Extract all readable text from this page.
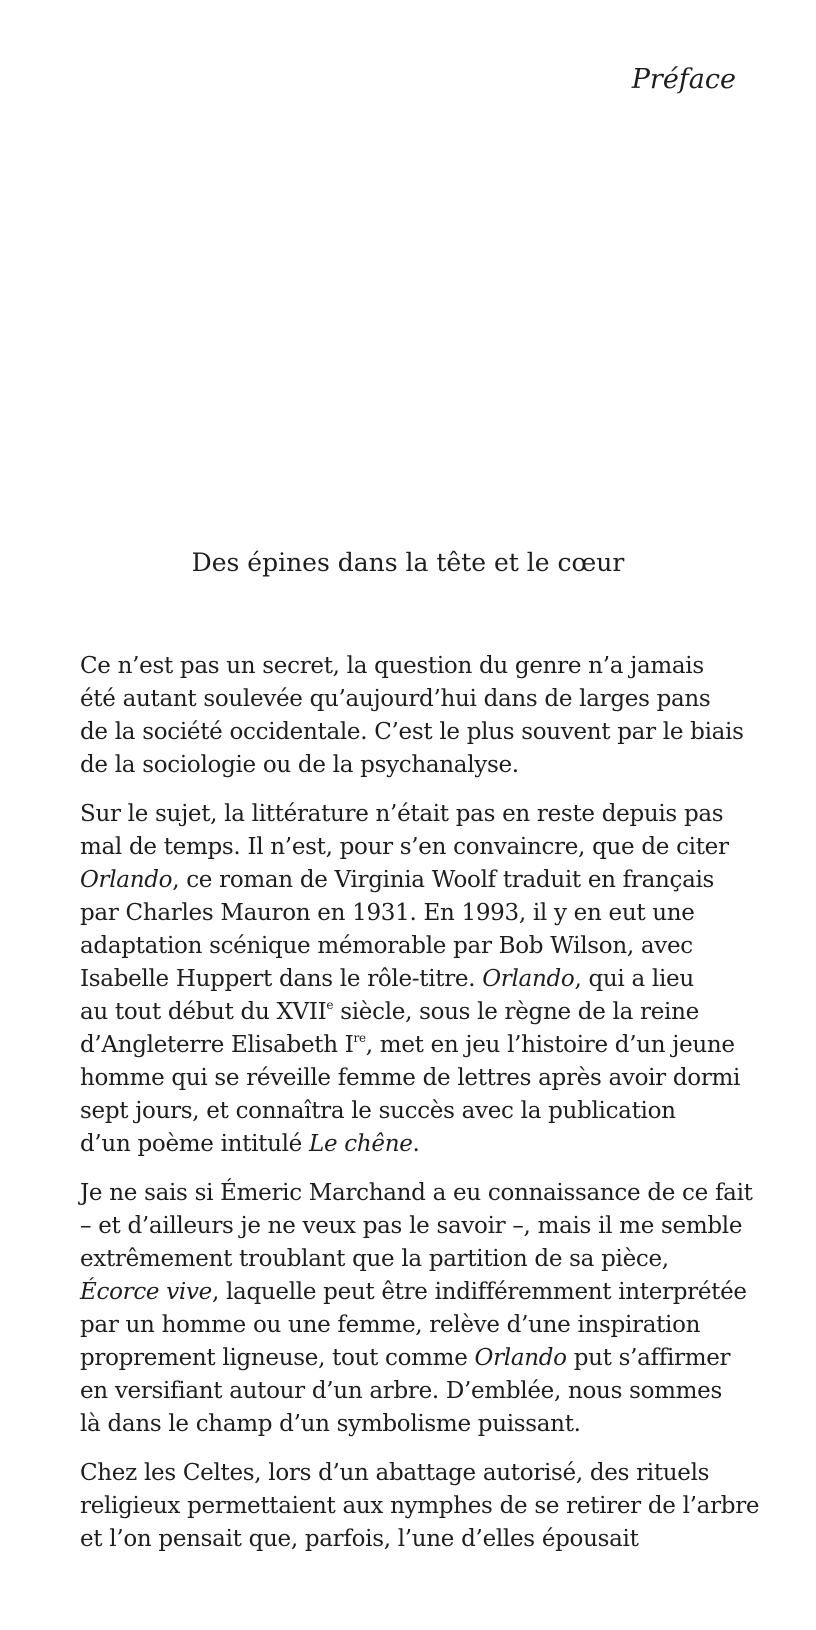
Préface
Des épines dans la tête et le cœur

Ce n’est pas un secret, la question du genre n’a jamais
été autant soulevée qu’aujourd’hui dans de larges pans
de la société occidentale. C’est le plus souvent par le biais
de la sociologie ou de la psychanalyse.

Sur le sujet, la littérature n’était pas en reste depuis pas
mal de temps. Il n’est, pour s’en convaincre, que de citer
Orlando, ce roman de Virginia Woolf traduit en français
par Charles Mauron en 1931. En 1993, il y en eut une
adaptation scénique mémorable par Bob Wilson, avec
Isabelle Huppert dans le rôle-titre. Orlando, qui a lieu
au tout début du XVIIe siècle, sous le règne de la reine
d’Angleterre Elisabeth Ire, met en jeu l’histoire d’un jeune
homme qui se réveille femme de lettres après avoir dormi
sept jours, et connaîtra le succès avec la publication
d’un poème intitulé Le chêne.

Je ne sais si Émeric Marchand a eu connaissance de ce fait
– et d’ailleurs je ne veux pas le savoir –, mais il me semble
extrêmement troublant que la partition de sa pièce,
Écorce vive, laquelle peut être indifféremment interprétée
par un homme ou une femme, relève d’une inspiration
proprement ligneuse, tout comme Orlando put s’affirmer
en versifiant autour d’un arbre. D’emblée, nous sommes
là dans le champ d’un symbolisme puissant.

Chez les Celtes, lors d’un abattage autorisé, des rituels
religieux permettaient aux nymphes de se retirer de l’arbre
et l’on pensait que, parfois, l’une d’elles épousait
